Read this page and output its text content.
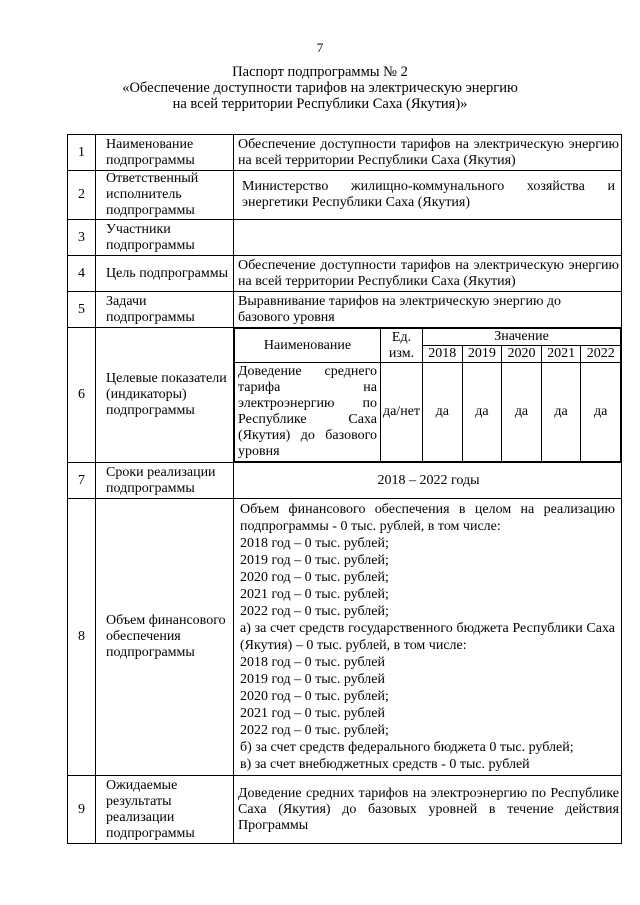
7
Паспорт подпрограммы № 2
«Обеспечение доступности тарифов на электрическую энергию
на всей территории Республики Саха (Якутия)»
1	Наименование подпрограммы	Обеспечение доступности тарифов на электрическую энергию на всей территории Республики Саха (Якутия)
2	Ответственный исполнитель подпрограммы	Министерство жилищно-коммунального хозяйства и энергетики Республики Саха (Якутия)
3	Участники подпрограммы	
4	Цель подпрограммы	Обеспечение доступности тарифов на электрическую энергию на всей территории Республики Саха (Якутия)
5	Задачи подпрограммы	Выравнивание тарифов на электрическую энергию до базового уровня
6	Целевые показатели (индикаторы) подпрограммы	
Наименование	Ед. изм.	Значение
2018	2019	2020	2021	2022
Доведение среднего тарифа на электроэнергию по Республике Саха (Якутия) до базового уровня	да/нет	да	да	да	да	да

7	Сроки реализации подпрограммы	2018 – 2022 годы
8	Объем финансового обеспечения подпрограммы	
Объем финансового обеспечения в целом на реализацию подпрограммы - 0 тыс. рублей, в том числе:
2018 год – 0 тыс. рублей;
2019 год – 0 тыс. рублей;
2020 год – 0 тыс. рублей;
2021 год – 0 тыс. рублей;
2022 год – 0 тыс. рублей;
а) за счет средств государственного бюджета Республики Саха (Якутия) – 0 тыс. рублей, в том числе:
2018 год – 0 тыс. рублей
2019 год – 0 тыс. рублей
2020 год – 0 тыс. рублей;
2021 год – 0 тыс. рублей
2022 год – 0 тыс. рублей;
б) за счет средств федерального бюджета 0 тыс. рублей;
в) за счет внебюджетных средств - 0 тыс. рублей

9	Ожидаемые результаты реализации подпрограммы	Доведение средних тарифов на электроэнергию по Республике Саха (Якутия) до базовых уровней в течение действия Программы
